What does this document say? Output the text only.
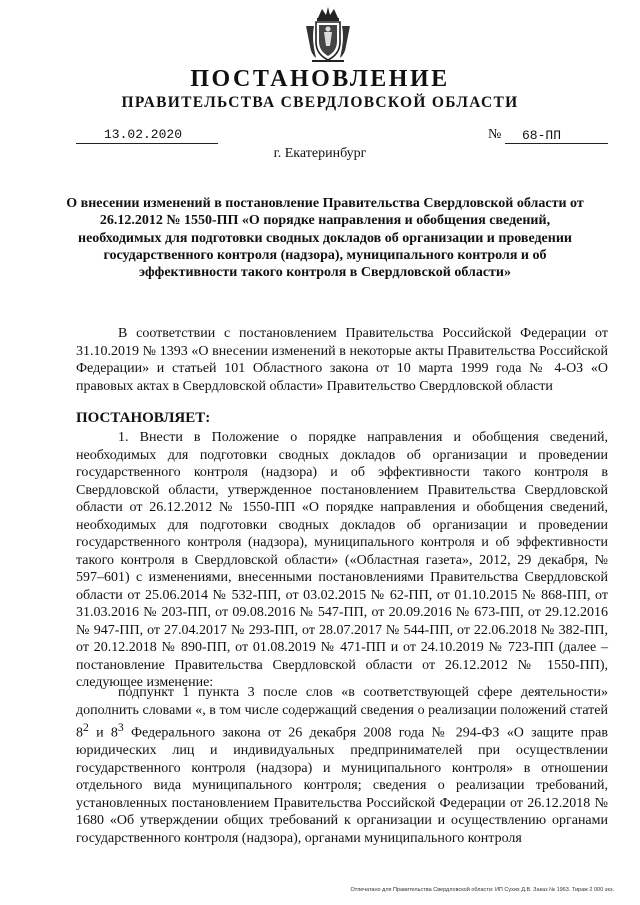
ПОСТАНОВЛЕНИЕ
ПРАВИТЕЛЬСТВА СВЕРДЛОВСКОЙ ОБЛАСТИ
13.02.2020	№ 68-ПП
г. Екатеринбург
О внесении изменений в постановление Правительства Свердловской области от 26.12.2012 № 1550-ПП «О порядке направления и обобщения сведений, необходимых для подготовки сводных докладов об организации и проведении государственного контроля (надзора), муниципального контроля и об эффективности такого контроля в Свердловской области»
В соответствии с постановлением Правительства Российской Федерации от 31.10.2019 № 1393 «О внесении изменений в некоторые акты Правительства Российской Федерации» и статьей 101 Областного закона от 10 марта 1999 года № 4-ОЗ «О правовых актах в Свердловской области» Правительство Свердловской области
ПОСТАНОВЛЯЕТ:
1. Внести в Положение о порядке направления и обобщения сведений, необходимых для подготовки сводных докладов об организации и проведении государственного контроля (надзора) и об эффективности такого контроля в Свердловской области, утвержденное постановлением Правительства Свердловской области от 26.12.2012 № 1550-ПП «О порядке направления и обобщения сведений, необходимых для подготовки сводных докладов об организации и проведении государственного контроля (надзора), муниципального контроля и об эффективности такого контроля в Свердловской области» («Областная газета», 2012, 29 декабря, № 597–601) с изменениями, внесенными постановлениями Правительства Свердловской области от 25.06.2014 № 532-ПП, от 03.02.2015 № 62-ПП, от 01.10.2015 № 868-ПП, от 31.03.2016 № 203-ПП, от 09.08.2016 № 547-ПП, от 20.09.2016 № 673-ПП, от 29.12.2016 № 947-ПП, от 27.04.2017 № 293-ПП, от 28.07.2017 № 544-ПП, от 22.06.2018 № 382-ПП, от 20.12.2018 № 890-ПП, от 01.08.2019 № 471-ПП и от 24.10.2019 № 723-ПП (далее – постановление Правительства Свердловской области от 26.12.2012 № 1550-ПП), следующее изменение:
подпункт 1 пункта 3 после слов «в соответствующей сфере деятельности» дополнить словами «, в том числе содержащий сведения о реализации положений статей $8^2$ и $8^3$ Федерального закона от 26 декабря 2008 года № 294-ФЗ «О защите прав юридических лиц и индивидуальных предпринимателей при осуществлении государственного контроля (надзора) и муниципального контроля» в отношении отдельного вида муниципального контроля; сведения о реализации требований, установленных постановлением Правительства Российской Федерации от 26.12.2018 № 1680 «Об утверждении общих требований к организации и осуществлению органами государственного контроля (надзора), органами муниципального контроля
Отпечатано для Правительства Свердловской области: ИП Сухих Д.В. Заказ № 1963. Тираж 2 000 экз.
